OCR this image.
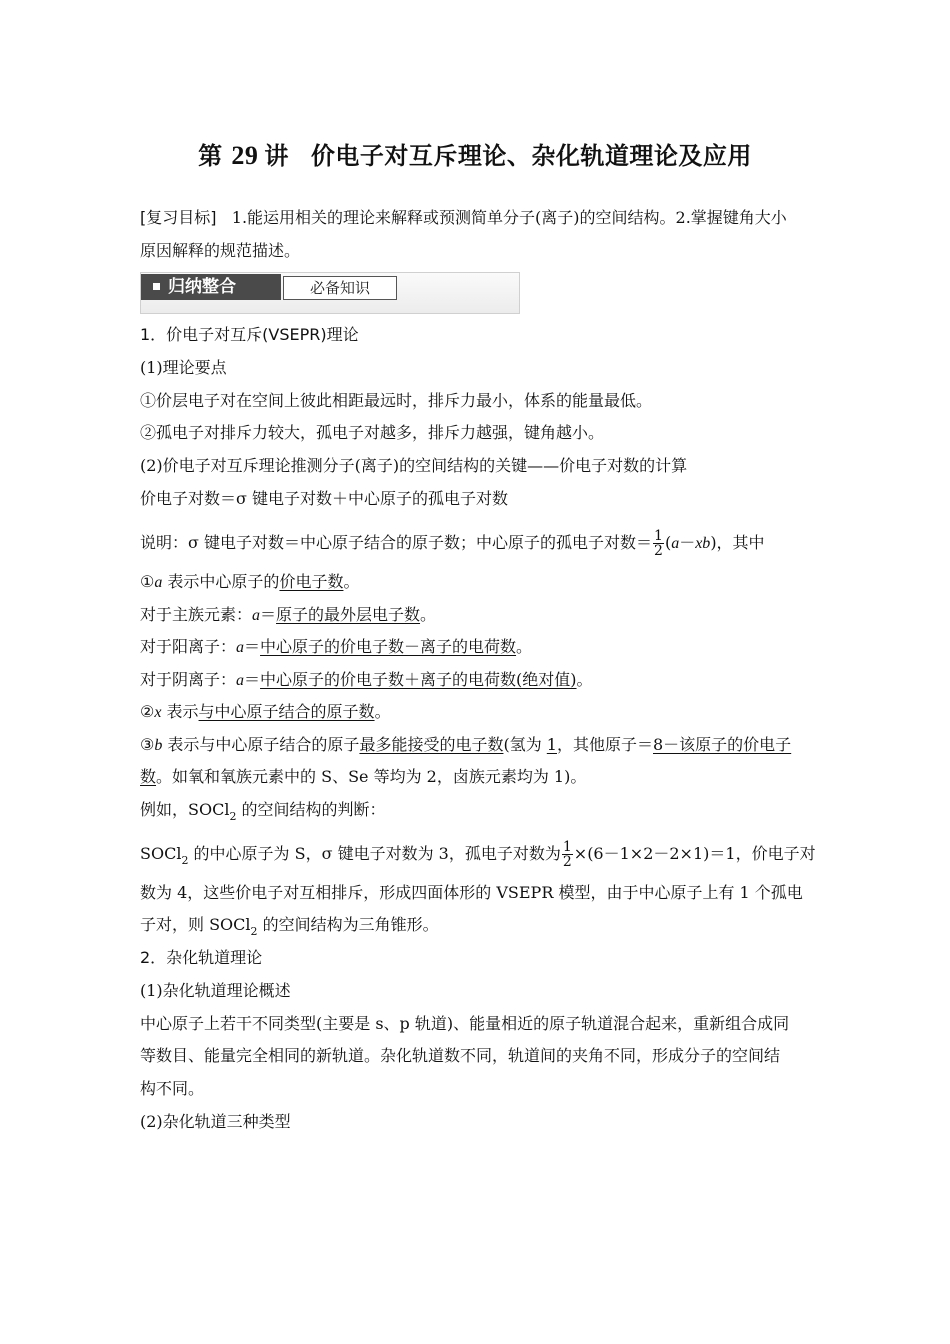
第 29 讲 价电子对互斥理论、杂化轨道理论及应用
[复习目标] 1.能运用相关的理论来解释或预测简单分子(离子)的空间结构。2.掌握键角大小
原因解释的规范描述。
归纳整合	必备知识
1．价电子对互斥(VSEPR)理论
(1)理论要点
①价层电子对在空间上彼此相距最远时，排斥力最小，体系的能量最低。
②孤电子对排斥力较大，孤电子对越多，排斥力越强，键角越小。
(2)价电子对互斥理论推测分子(离子)的空间结构的关键——价电子对数的计算
价电子对数＝σ 键电子对数＋中心原子的孤电子对数
说明：σ 键电子对数＝中心原子结合的原子数；中心原子的孤电子对数＝ $\frac{1}{2} (a-xb)$，其中
①a 表示中心原子的价电子数。
对于主族元素：a＝原子的最外层电子数。
对于阳离子：a＝中心原子的价电子数－离子的电荷数。
对于阴离子：a＝中心原子的价电子数＋离子的电荷数(绝对值)。
②x 表示与中心原子结合的原子数。
③b 表示与中心原子结合的原子最多能接受的电子数(氢为 1，其他原子＝8－该原子的价电子
数。如氧和氧族元素中的 S、Se 等均为 2，卤族元素均为 1)。
例如，SOCl$_2$ 的空间结构的判断：
SOCl$_2$ 的中心原子为 S，σ 键电子对数为 3，孤电子对数为 $\frac{1}{2} \times(6-1\times 2-2\times 1)=1$，价电子对
数为 4，这些价电子对互相排斥，形成四面体形的 VSEPR 模型，由于中心原子上有 1 个孤电
子对，则 SOCl$_2$ 的空间结构为三角锥形。
2．杂化轨道理论
(1)杂化轨道理论概述
中心原子上若干不同类型(主要是 s、p 轨道)、能量相近的原子轨道混合起来，重新组合成同
等数目、能量完全相同的新轨道。杂化轨道数不同，轨道间的夹角不同，形成分子的空间结
构不同。
(2)杂化轨道三种类型
